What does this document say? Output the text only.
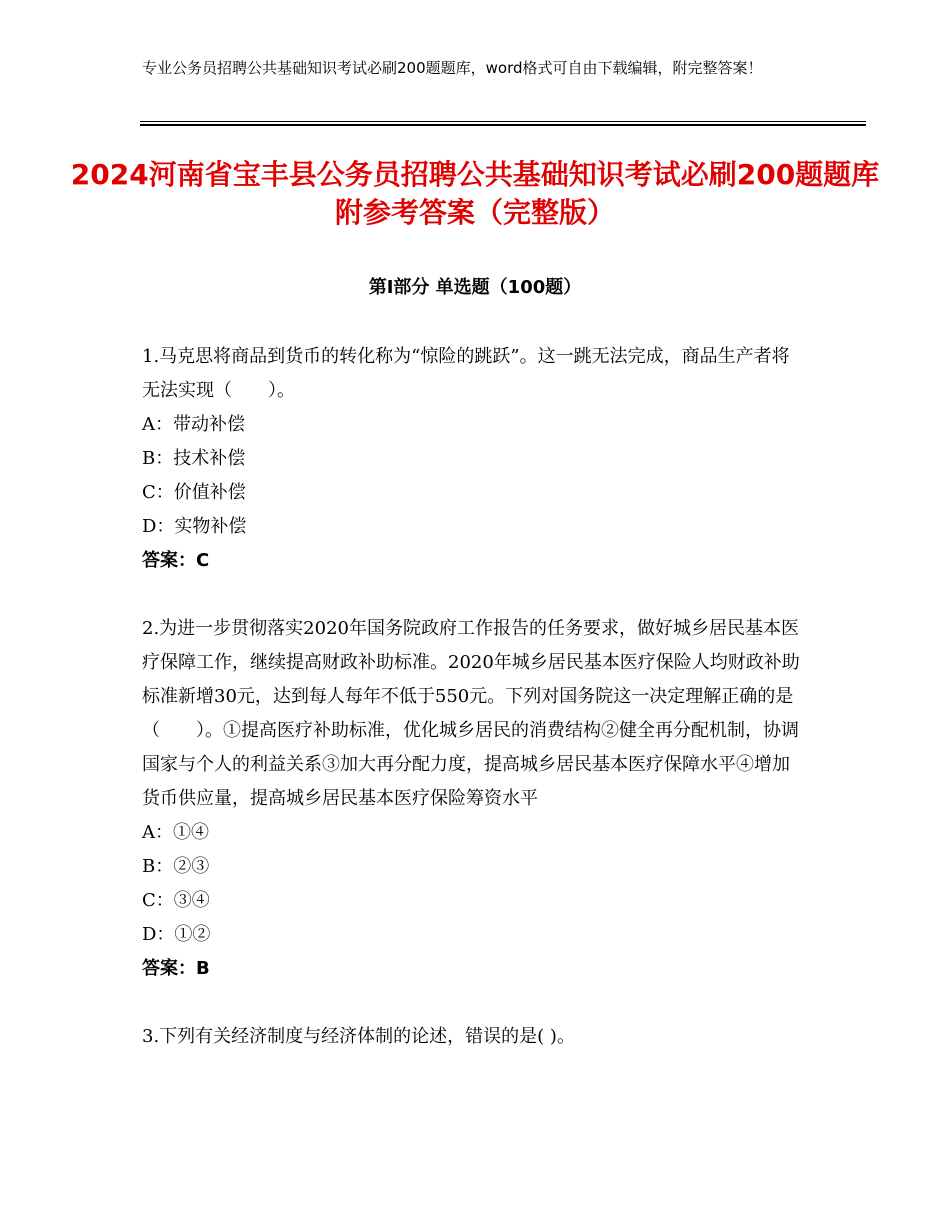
专业公务员招聘公共基础知识考试必刷200题题库，word格式可自由下载编辑，附完整答案！
2024河南省宝丰县公务员招聘公共基础知识考试必刷200题题库附参考答案（完整版）
第Ⅰ部分 单选题（100题）

1.马克思将商品到货币的转化称为“惊险的跳跃”。这一跳无法完成，商品生产者将无法实现（　　）。

A：带动补偿

B：技术补偿

C：价值补偿

D：实物补偿

答案：C

2.为进一步贯彻落实2020年国务院政府工作报告的任务要求，做好城乡居民基本医疗保障工作，继续提高财政补助标准。2020年城乡居民基本医疗保险人均财政补助标准新增30元，达到每人每年不低于550元。下列对国务院这一决定理解正确的是（　　）。①提高医疗补助标准，优化城乡居民的消费结构②健全再分配机制，协调国家与个人的利益关系③加大再分配力度，提高城乡居民基本医疗保障水平④增加货币供应量，提高城乡居民基本医疗保险筹资水平

A：①④

B：②③

C：③④

D：①②

答案：B

3.下列有关经济制度与经济体制的论述，错误的是( )。
